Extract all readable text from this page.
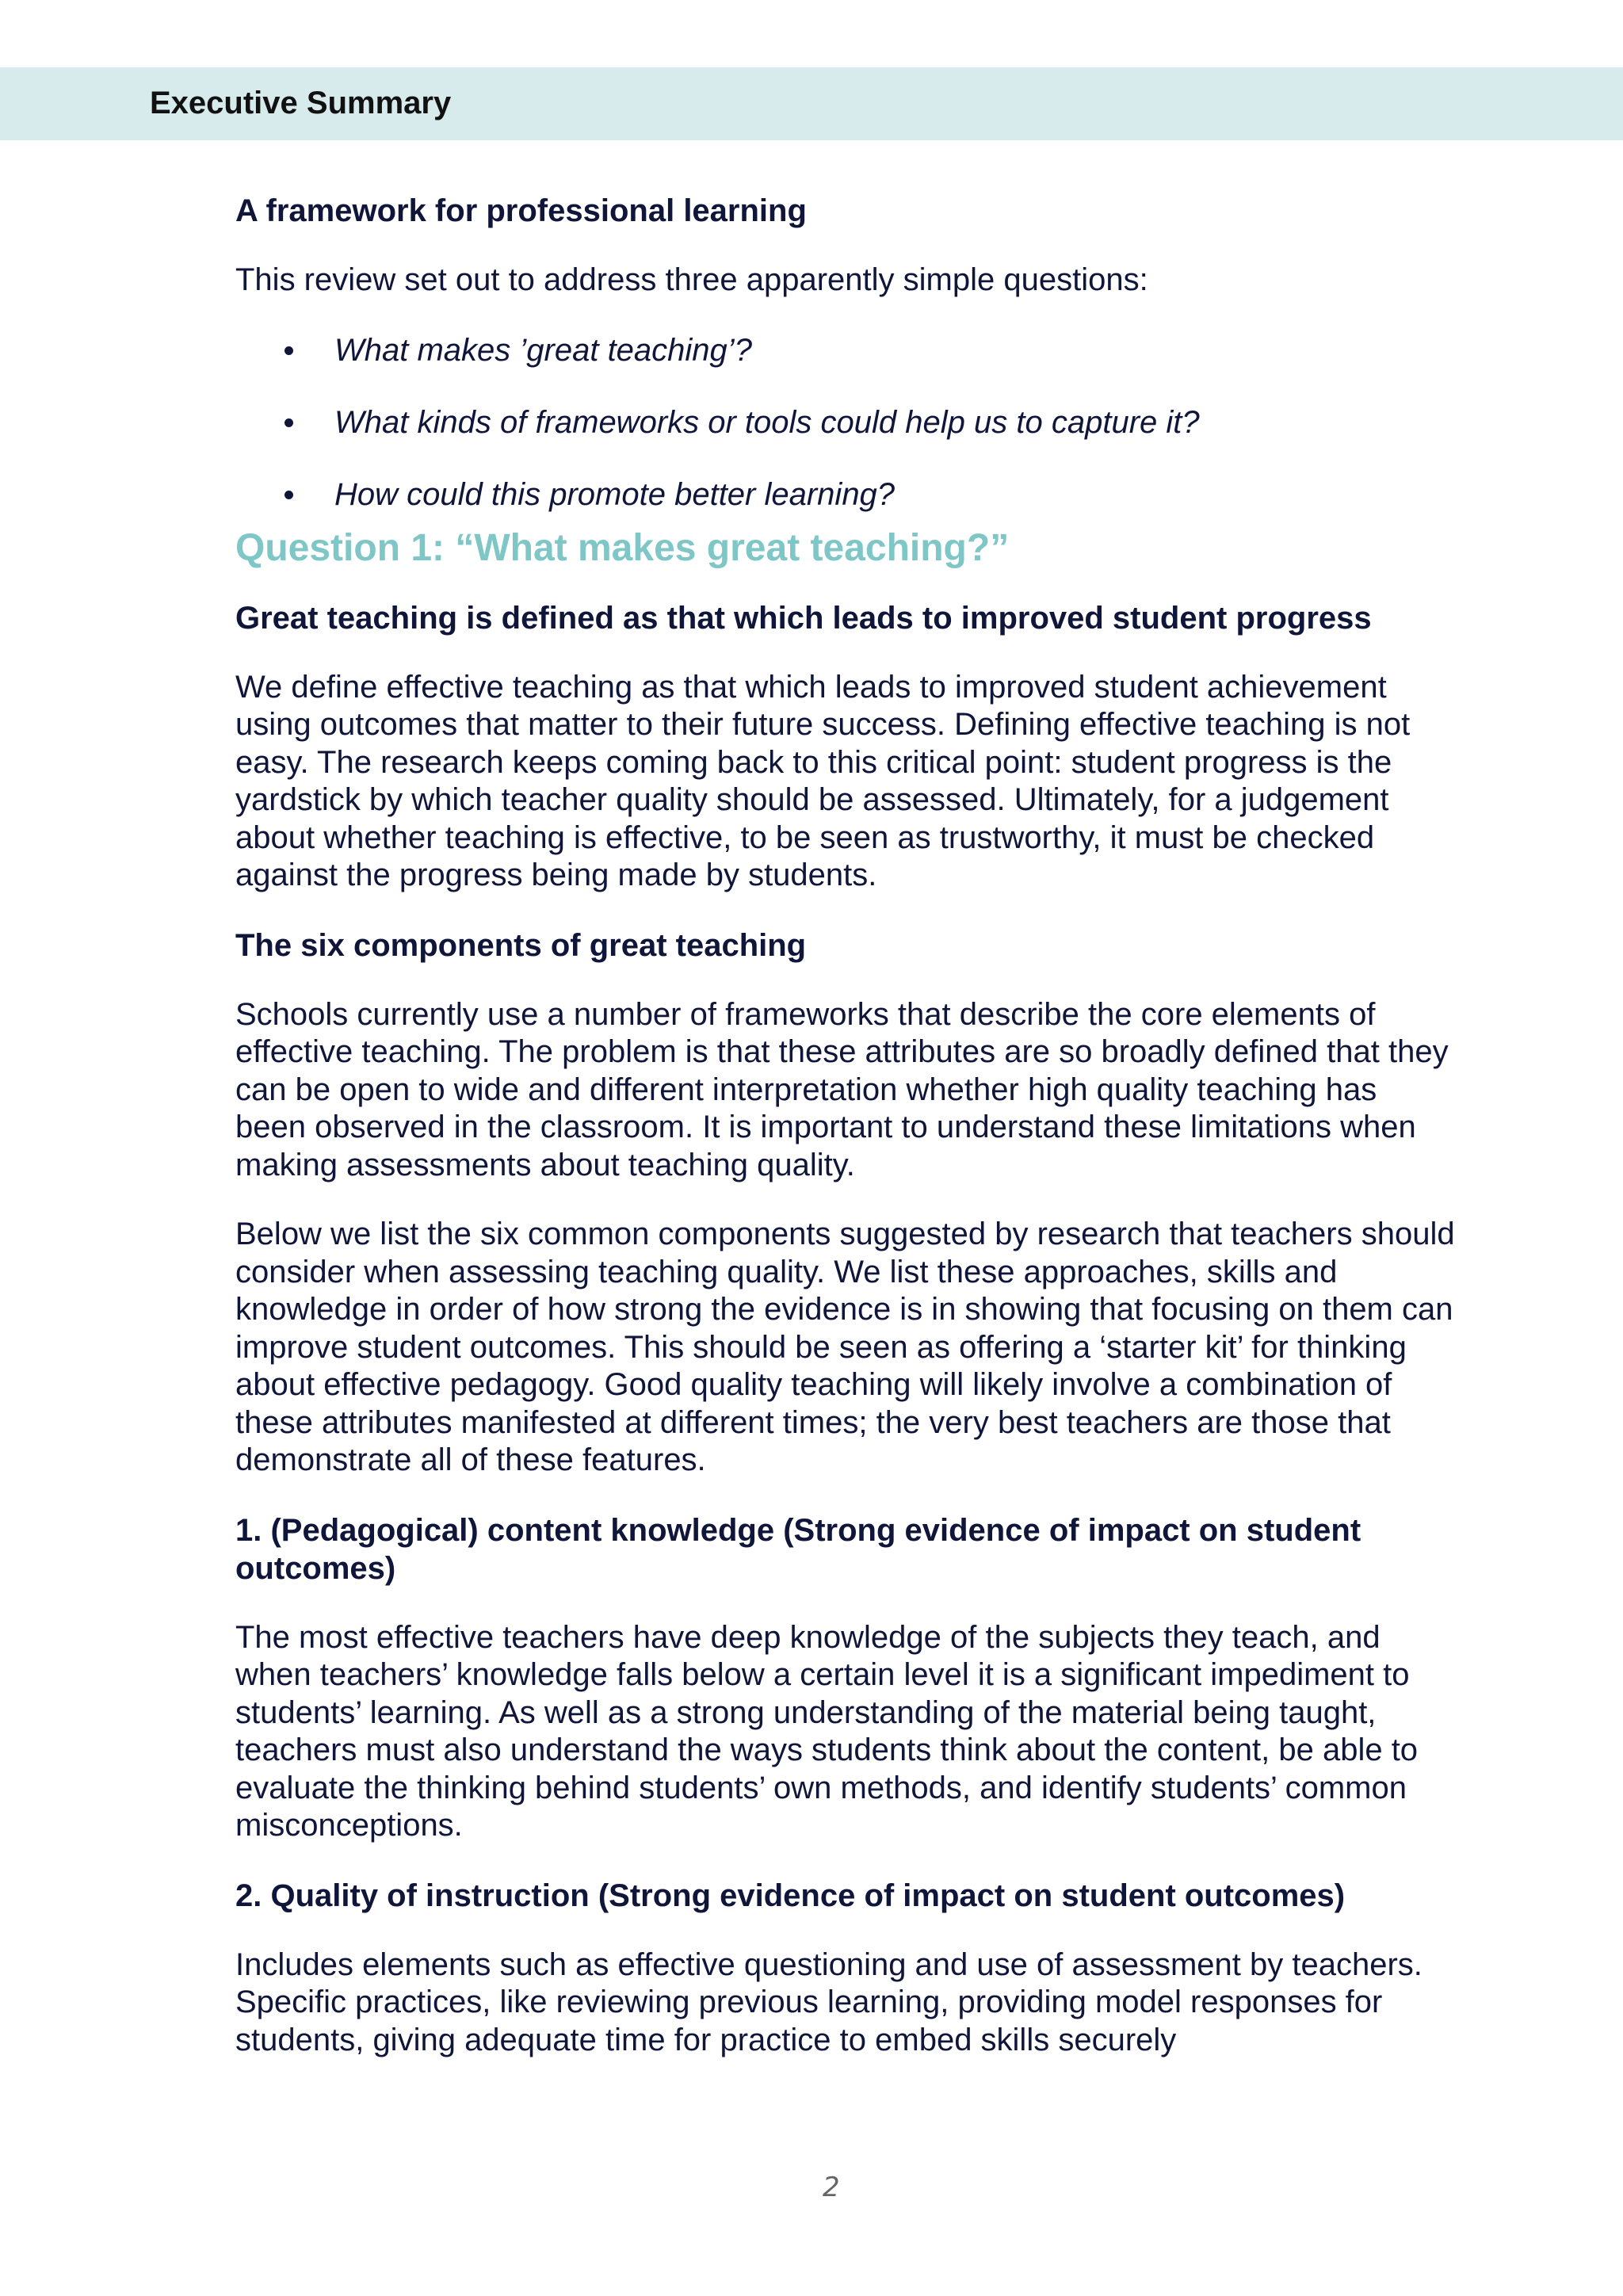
Executive Summary

A framework for professional learning

This review set out to address three apparently simple questions:

What makes ’great teaching’?
What kinds of frameworks or tools could help us to capture it?
How could this promote better learning?
Question 1: “What makes great teaching?”

Great teaching is defined as that which leads to improved student progress

We define effective teaching as that which leads to improved student achievement using outcomes that matter to their future success. Defining effective teaching is not easy. The research keeps coming back to this critical point: student progress is the yardstick by which teacher quality should be assessed. Ultimately, for a judgement about whether teaching is effective, to be seen as trustworthy, it must be checked against the progress being made by students.

The six components of great teaching

Schools currently use a number of frameworks that describe the core elements of effective teaching. The problem is that these attributes are so broadly defined that they can be open to wide and different interpretation whether high quality teaching has been observed in the classroom. It is important to understand these limitations when making assessments about teaching quality.

Below we list the six common components suggested by research that teachers should consider when assessing teaching quality. We list these approaches, skills and knowledge in order of how strong the evidence is in showing that focusing on them can improve student outcomes. This should be seen as offering a ‘starter kit’ for thinking about effective pedagogy. Good quality teaching will likely involve a combination of these attributes manifested at different times; the very best teachers are those that demonstrate all of these features.

1. (Pedagogical) content knowledge (Strong evidence of impact on student outcomes)

The most effective teachers have deep knowledge of the subjects they teach, and when teachers’ knowledge falls below a certain level it is a significant impediment to students’ learning. As well as a strong understanding of the material being taught, teachers must also understand the ways students think about the content, be able to evaluate the thinking behind students’ own methods, and identify students’ common misconceptions.

2. Quality of instruction (Strong evidence of impact on student outcomes)

Includes elements such as effective questioning and use of assessment by teachers. Specific practices, like reviewing previous learning, providing model responses for students, giving adequate time for practice to embed skills securely

2
